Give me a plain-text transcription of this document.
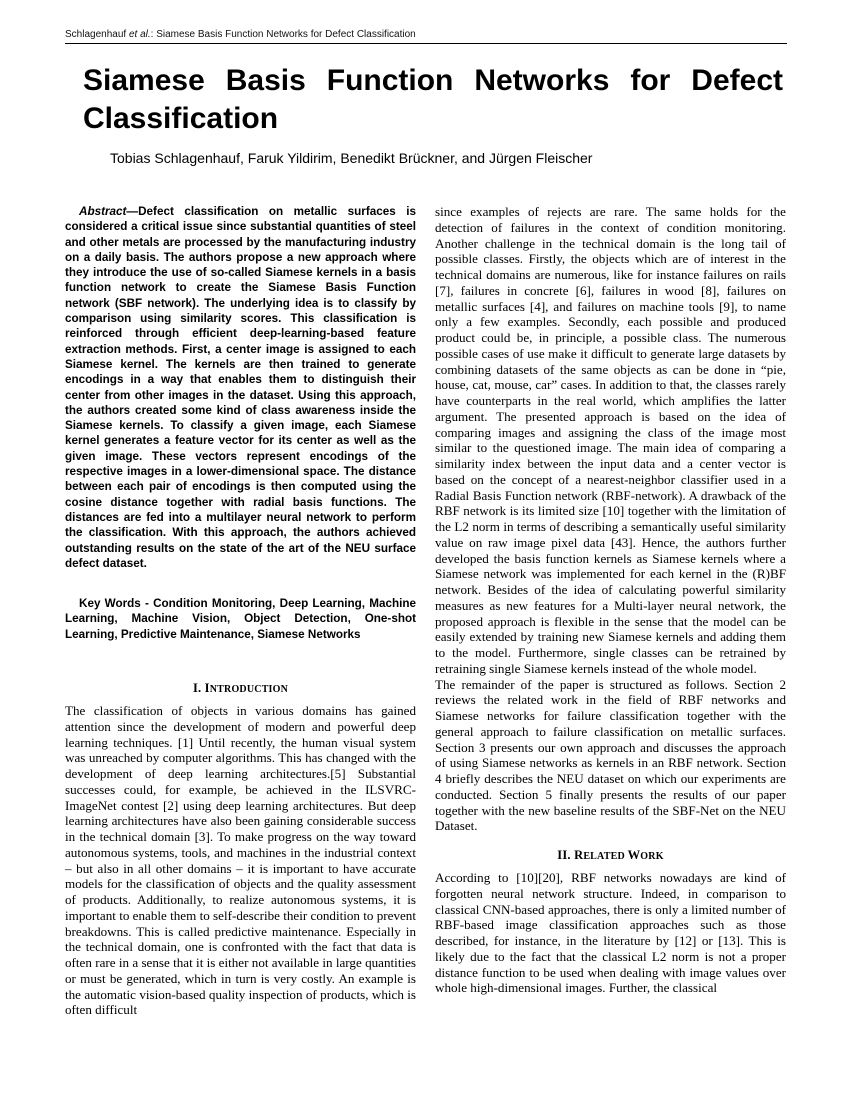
Schlagenhauf et al.: Siamese Basis Function Networks for Defect Classification
Siamese Basis Function Networks for Defect Classification
Tobias Schlagenhauf, Faruk Yildirim, Benedikt Brückner, and Jürgen Fleischer

Abstract—Defect classification on metallic surfaces is considered a critical issue since substantial quantities of steel and other metals are processed by the manufacturing industry on a daily basis. The authors propose a new approach where they introduce the use of so-called Siamese kernels in a basis function network to create the Siamese Basis Function network (SBF network). The underlying idea is to classify by comparison using similarity scores. This classification is reinforced through efficient deep-learning-based feature extraction methods. First, a center image is assigned to each Siamese kernel. The kernels are then trained to generate encodings in a way that enables them to distinguish their center from other images in the dataset. Using this approach, the authors created some kind of class awareness inside the Siamese kernels. To classify a given image, each Siamese kernel generates a feature vector for its center as well as the given image. These vectors represent encodings of the respective images in a lower-dimensional space. The distance between each pair of encodings is then computed using the cosine distance together with radial basis functions. The distances are fed into a multilayer neural network to perform the classification. With this approach, the authors achieved outstanding results on the state of the art of the NEU surface defect dataset.

Key Words - Condition Monitoring, Deep Learning, Machine Learning, Machine Vision, Object Detection, One-shot Learning, Predictive Maintenance, Siamese Networks

I. INTRODUCTION

The classification of objects in various domains has gained attention since the development of modern and powerful deep learning techniques. [1] Until recently, the human visual system was unreached by computer algorithms. This has changed with the development of deep learning architectures.[5] Substantial successes could, for example, be achieved in the ILSVRC-ImageNet contest [2] using deep learning architectures. But deep learning architectures have also been gaining considerable success in the technical domain [3]. To make progress on the way toward autonomous systems, tools, and machines in the industrial context – but also in all other domains – it is important to have accurate models for the classification of objects and the quality assessment of products. Additionally, to realize autonomous systems, it is important to enable them to self-describe their condition to prevent breakdowns. This is called predictive maintenance. Especially in the technical domain, one is confronted with the fact that data is often rare in a sense that it is either not available in large quantities or must be generated, which in turn is very costly. An example is the automatic vision-based quality inspection of products, which is often difficult

since examples of rejects are rare. The same holds for the detection of failures in the context of condition monitoring. Another challenge in the technical domain is the long tail of possible classes. Firstly, the objects which are of interest in the technical domains are numerous, like for instance failures on rails [7], failures in concrete [6], failures in wood [8], failures on metallic surfaces [4], and failures on machine tools [9], to name only a few examples. Secondly, each possible and produced product could be, in principle, a possible class. The numerous possible cases of use make it difficult to generate large datasets by combining datasets of the same objects as can be done in “pie, house, cat, mouse, car” cases. In addition to that, the classes rarely have counterparts in the real world, which amplifies the latter argument. The presented approach is based on the idea of comparing images and assigning the class of the image most similar to the questioned image. The main idea of comparing a similarity index between the input data and a center vector is based on the concept of a nearest-neighbor classifier used in a Radial Basis Function network (RBF-network). A drawback of the RBF network is its limited size [10] together with the limitation of the L2 norm in terms of describing a semantically useful similarity value on raw image pixel data [43]. Hence, the authors further developed the basis function kernels as Siamese kernels where a Siamese network was implemented for each kernel in the (R)BF network. Besides of the idea of calculating powerful similarity measures as new features for a Multi-layer neural network, the proposed approach is flexible in the sense that the model can be easily extended by training new Siamese kernels and adding them to the model. Furthermore, single classes can be retrained by retraining single Siamese kernels instead of the whole model.

The remainder of the paper is structured as follows. Section 2 reviews the related work in the field of RBF networks and Siamese networks for failure classification together with the general approach to failure classification on metallic surfaces. Section 3 presents our own approach and discusses the approach of using Siamese networks as kernels in an RBF network. Section 4 briefly describes the NEU dataset on which our experiments are conducted. Section 5 finally presents the results of our paper together with the new baseline results of the SBF-Net on the NEU Dataset.

II. RELATED WORK

According to [10][20], RBF networks nowadays are kind of forgotten neural network structure. Indeed, in comparison to classical CNN-based approaches, there is only a limited number of RBF-based image classification approaches such as those described, for instance, in the literature by [12] or [13]. This is likely due to the fact that the classical L2 norm is not a proper distance function to be used when dealing with image values over whole high-dimensional images. Further, the classical
